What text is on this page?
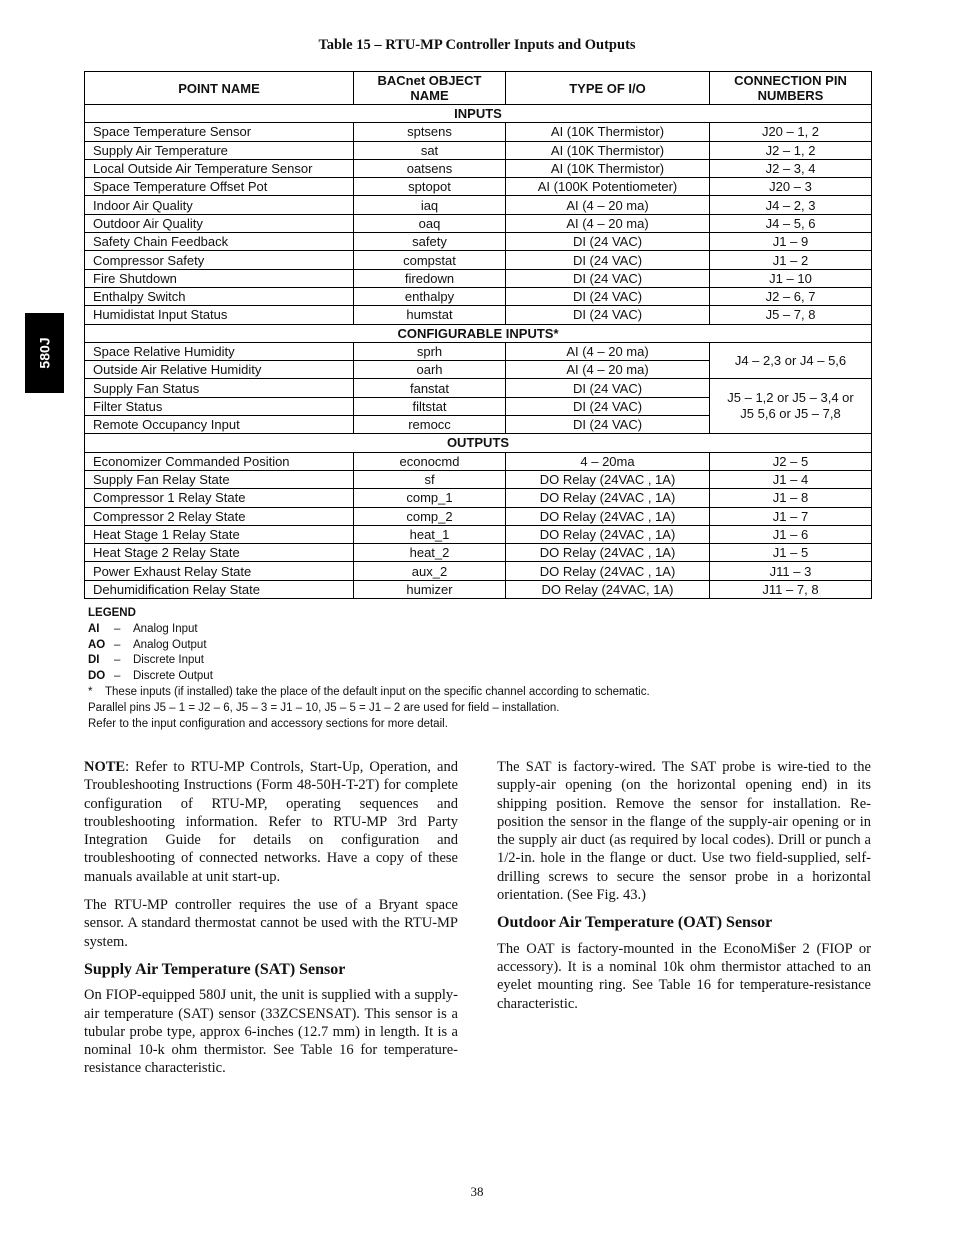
580J
Table 15 – RTU-MP Controller Inputs and Outputs
POINT NAME	BACnet OBJECT NAME	TYPE OF I/O	CONNECTION PIN NUMBERS
INPUTS			
Space Temperature Sensor	sptsens	AI (10K Thermistor)	J20 – 1, 2
Supply Air Temperature	sat	AI (10K Thermistor)	J2 – 1, 2
Local Outside Air Temperature Sensor	oatsens	AI (10K Thermistor)	J2 – 3, 4
Space Temperature Offset Pot	sptopot	AI (100K Potentiometer)	J20 – 3
Indoor Air Quality	iaq	AI (4 – 20 ma)	J4 – 2, 3
Outdoor Air Quality	oaq	AI (4 – 20 ma)	J4 – 5, 6
Safety Chain Feedback	safety	DI (24 VAC)	J1 – 9
Compressor Safety	compstat	DI (24 VAC)	J1 – 2
Fire Shutdown	firedown	DI (24 VAC)	J1 – 10
Enthalpy Switch	enthalpy	DI (24 VAC)	J2 – 6, 7
Humidistat Input Status	humstat	DI (24 VAC)	J5 – 7, 8
CONFIGURABLE INPUTS*			
Space Relative Humidity	sprh	AI (4 – 20 ma)	J4 – 2,3 or J4 – 5,6
Outside Air Relative Humidity	oarh	AI (4 – 20 ma)	
Supply Fan Status	fanstat	DI (24 VAC)	J5 – 1,2 or J5 – 3,4 or
J5 5,6 or J5 – 7,8

Filter Status	filtstat	DI (24 VAC)	
Remote Occupancy Input	remocc	DI (24 VAC)	
OUTPUTS			
Economizer Commanded Position	econocmd	4 – 20ma	J2 – 5
Supply Fan Relay State	sf	DO Relay (24VAC , 1A)	J1 – 4
Compressor 1 Relay State	comp_1	DO Relay (24VAC , 1A)	J1 – 8
Compressor 2 Relay State	comp_2	DO Relay (24VAC , 1A)	J1 – 7
Heat Stage 1 Relay State	heat_1	DO Relay (24VAC , 1A)	J1 – 6
Heat Stage 2 Relay State	heat_2	DO Relay (24VAC , 1A)	J1 – 5
Power Exhaust Relay State	aux_2	DO Relay (24VAC , 1A)	J11 – 3
Dehumidification Relay State	humizer	DO Relay (24VAC, 1A)	J11 – 7, 8
LEGEND
AI – Analog Input
AO – Analog Output
DI – Discrete Input
DO – Discrete Output
* These inputs (if installed) take the place of the default input on the specific channel according to schematic.
Parallel pins J5 – 1 = J2 – 6, J5 – 3 = J1 – 10, J5 – 5 = J1 – 2 are used for field – installation.
Refer to the input configuration and accessory sections for more detail.

NOTE: Refer to RTU-MP Controls, Start-Up, Operation, and Troubleshooting Instructions (Form 48-50H-T-2T) for complete configuration of RTU-MP, operating sequences and troubleshooting information. Refer to RTU-MP 3rd Party Integration Guide for details on configuration and troubleshooting of connected networks. Have a copy of these manuals available at unit start-up.

The RTU-MP controller requires the use of a Bryant space sensor. A standard thermostat cannot be used with the RTU-MP system.

Supply Air Temperature (SAT) Sensor

On FIOP-equipped 580J unit, the unit is supplied with a supply-air temperature (SAT) sensor (33ZCSENSAT). This sensor is a tubular probe type, approx 6-inches (12.7 mm) in length. It is a nominal 10-k ohm thermistor. See Table 16 for temperature-resistance characteristic.

The SAT is factory-wired. The SAT probe is wire-tied to the supply-air opening (on the horizontal opening end) in its shipping position. Remove the sensor for installation. Re-position the sensor in the flange of the supply-air opening or in the supply air duct (as required by local codes). Drill or punch a 1/2-in. hole in the flange or duct. Use two field-supplied, self-drilling screws to secure the sensor probe in a horizontal orientation. (See Fig. 43.)

Outdoor Air Temperature (OAT) Sensor

The OAT is factory-mounted in the EconoMi$er 2 (FIOP or accessory). It is a nominal 10k ohm thermistor attached to an eyelet mounting ring. See Table 16 for temperature-resistance characteristic.

38
